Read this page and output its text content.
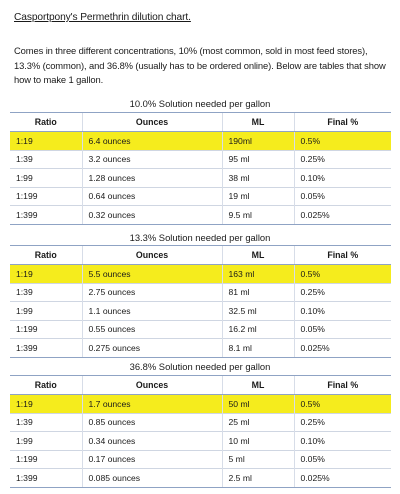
Casportpony's Permethrin dilution chart.
Comes in three different concentrations, 10% (most common, sold in most feed stores), 13.3% (common), and 36.8% (usually has to be ordered online). Below are tables that show how to make 1 gallon.
10.0% Solution needed per gallon
Ratio	Ounces	ML	Final %
1:19	6.4 ounces	190ml	0.5%
1:39	3.2 ounces	95 ml	0.25%
1:99	1.28 ounces	38 ml	0.10%
1:199	0.64 ounces	19 ml	0.05%
1:399	0.32 ounces	9.5 ml	0.025%
13.3% Solution needed per gallon
Ratio	Ounces	ML	Final %
1:19	5.5 ounces	163 ml	0.5%
1:39	2.75 ounces	81 ml	0.25%
1:99	1.1 ounces	32.5 ml	0.10%
1:199	0.55 ounces	16.2 ml	0.05%
1:399	0.275 ounces	8.1 ml	0.025%
36.8% Solution needed per gallon
Ratio	Ounces	ML	Final %
1:19	1.7 ounces	50 ml	0.5%
1:39	0.85 ounces	25 ml	0.25%
1:99	0.34 ounces	10 ml	0.10%
1:199	0.17 ounces	5 ml	0.05%
1:399	0.085 ounces	2.5 ml	0.025%
